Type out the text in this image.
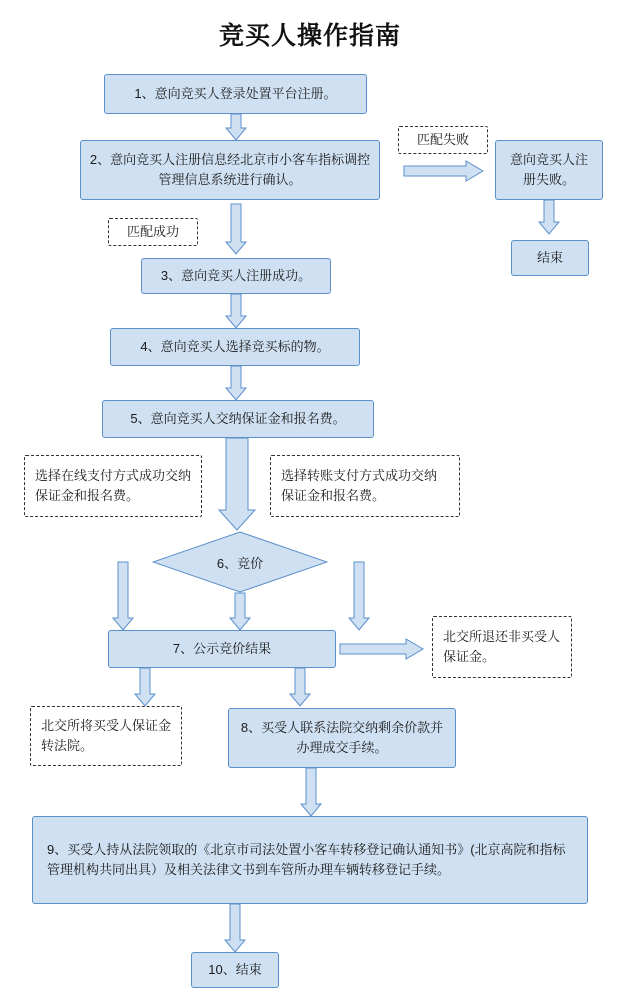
竞买人操作指南
1、意向竞买人登录处置平台注册。
2、意向竞买人注册信息经北京市小客车指标调控管理信息系统进行确认。
匹配失败
意向竞买人注册失败。
结束
匹配成功
3、意向竞买人注册成功。
4、意向竞买人选择竞买标的物。
5、意向竞买人交纳保证金和报名费。
选择在线支付方式成功交纳保证金和报名费。
选择转账支付方式成功交纳保证金和报名费。
6、竞价
7、公示竞价结果
北交所退还非买受人保证金。
北交所将买受人保证金转法院。
8、买受人联系法院交纳剩余价款并办理成交手续。
9、买受人持从法院领取的《北京市司法处置小客车转移登记确认通知书》(北京高院和指标管理机构共同出具）及相关法律文书到车管所办理车辆转移登记手续。
10、结束
